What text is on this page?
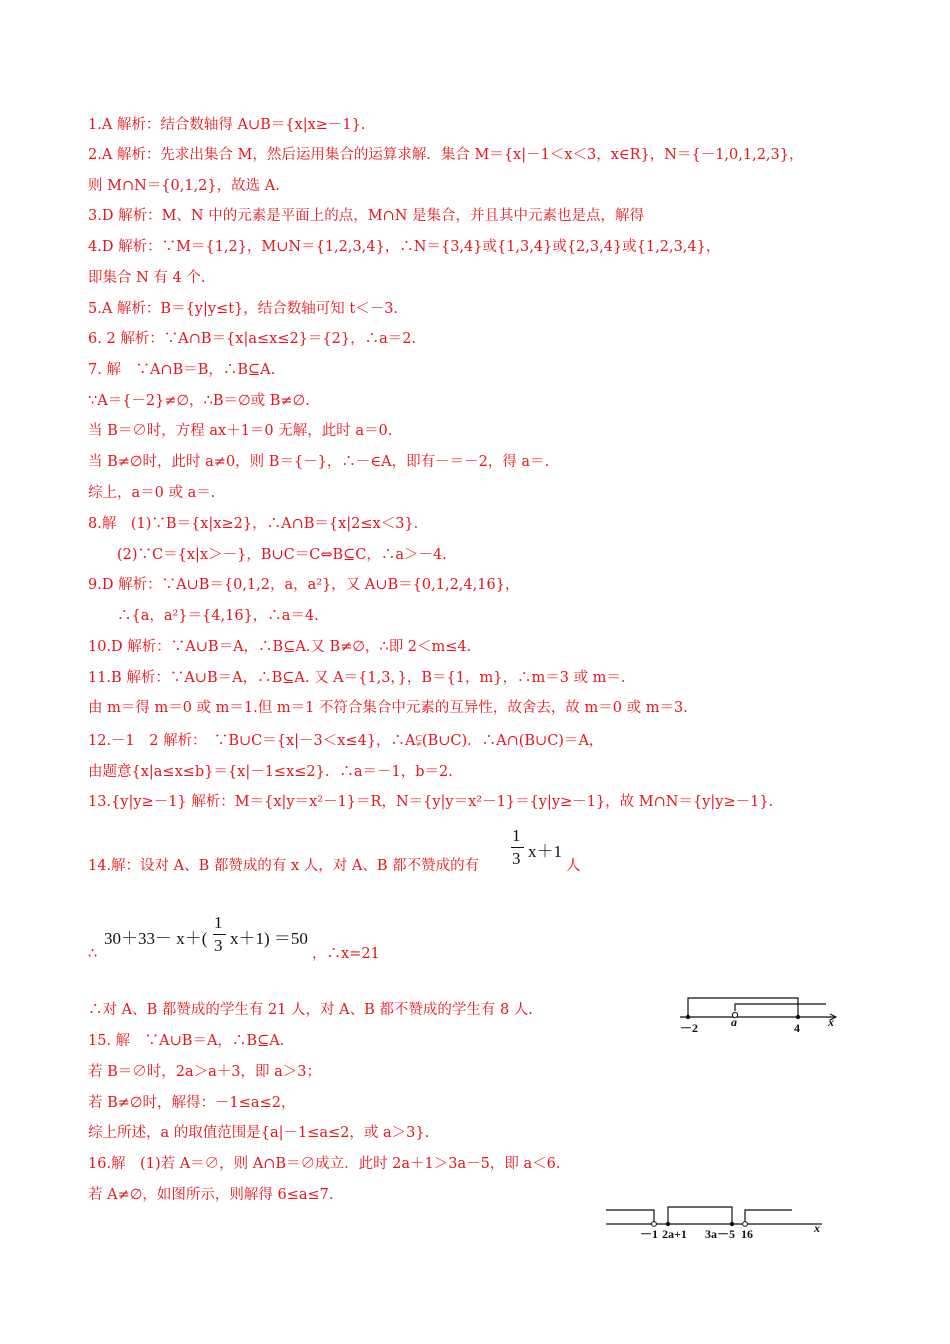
1.A 解析：结合数轴得 A∪B＝{x|x≥－1}.
2.A 解析：先求出集合 M，然后运用集合的运算求解．集合 M＝{x|－1＜x＜3，x∈R}，N＝{－1,0,1,2,3}，
则 M∩N＝{0,1,2}，故选 A.
3.D 解析：M、N 中的元素是平面上的点，M∩N 是集合，并且其中元素也是点，解得
4.D 解析：∵M＝{1,2}，M∪N＝{1,2,3,4}，∴N＝{3,4}或{1,3,4}或{2,3,4}或{1,2,3,4}，
即集合 N 有 4 个.
5.A 解析：B＝{y|y≤t}，结合数轴可知 t＜－3.
6. 2 解析：∵A∩B＝{x|a≤x≤2}＝{2}，∴a＝2.
7. 解　∵A∩B＝B，∴B⊆A.
∵A＝{－2}≠∅，∴B＝∅或 B≠∅.
当 B＝∅时，方程 ax＋1＝0 无解，此时 a＝0.
当 B≠∅时，此时 a≠0，则 B＝{－}，∴－∈A，即有－＝－2，得 a＝.
综上，a＝0 或 a＝.
8.解　(1)∵B＝{x|x≥2}，∴A∩B＝{x|2≤x＜3}.
　　(2)∵C＝{x|x＞－}，B∪C＝C⇔B⊆C，∴a＞－4.
9.D 解析：∵A∪B＝{0,1,2，a，a²}，又 A∪B＝{0,1,2,4,16}，
　　∴{a，a²}＝{4,16}，∴a＝4.
10.D 解析：∵A∪B＝A，∴B⊆A.又 B≠∅，∴即 2＜m≤4.
11.B 解析：∵A∪B＝A，∴B⊆A. 又 A＝{1,3，}，B＝{1，m}，∴m＝3 或 m＝.
由 m＝得 m＝0 或 m＝1.但 m＝1 不符合集合中元素的互异性，故舍去，故 m＝0 或 m＝3.
12.－1　2 解析：　∵B∪C＝{x|－3＜x≤4}，∴A⫋(B∪C)．∴A∩(B∪C)＝A，
由题意{x|a≤x≤b}＝{x|－1≤x≤2}．∴a＝－1，b＝2.
13.{y|y≥－1} 解析：M＝{x|y＝x²－1}＝R，N＝{y|y＝x²－1}＝{y|y≥－1}，故 M∩N＝{y|y≥－1}.
14.解：设对 A、B 都赞成的有 x 人，对 A、B 都不赞成的有
1
3 x＋1
人
30＋33－ x＋(
1
3 x＋1) ＝50
∴	，∴x=21
∴对 A、B 都赞成的学生有 21 人，对 A、B 都不赞成的学生有 8 人.
－2	a	4 x
15. 解　∵A∪B＝A，∴B⊆A.
若 B＝∅时，2a＞a＋3，即 a＞3；
若 B≠∅时，解得：－1≤a≤2，
综上所述，a 的取值范围是{a|－1≤a≤2，或 a＞3}.
16.解　(1)若 A＝∅，则 A∩B＝∅成立．此时 2a＋1＞3a－5，即 a＜6.
若 A≠∅，如图所示，则解得 6≤a≤7.
－1 2a+1 3a－5 16	x
